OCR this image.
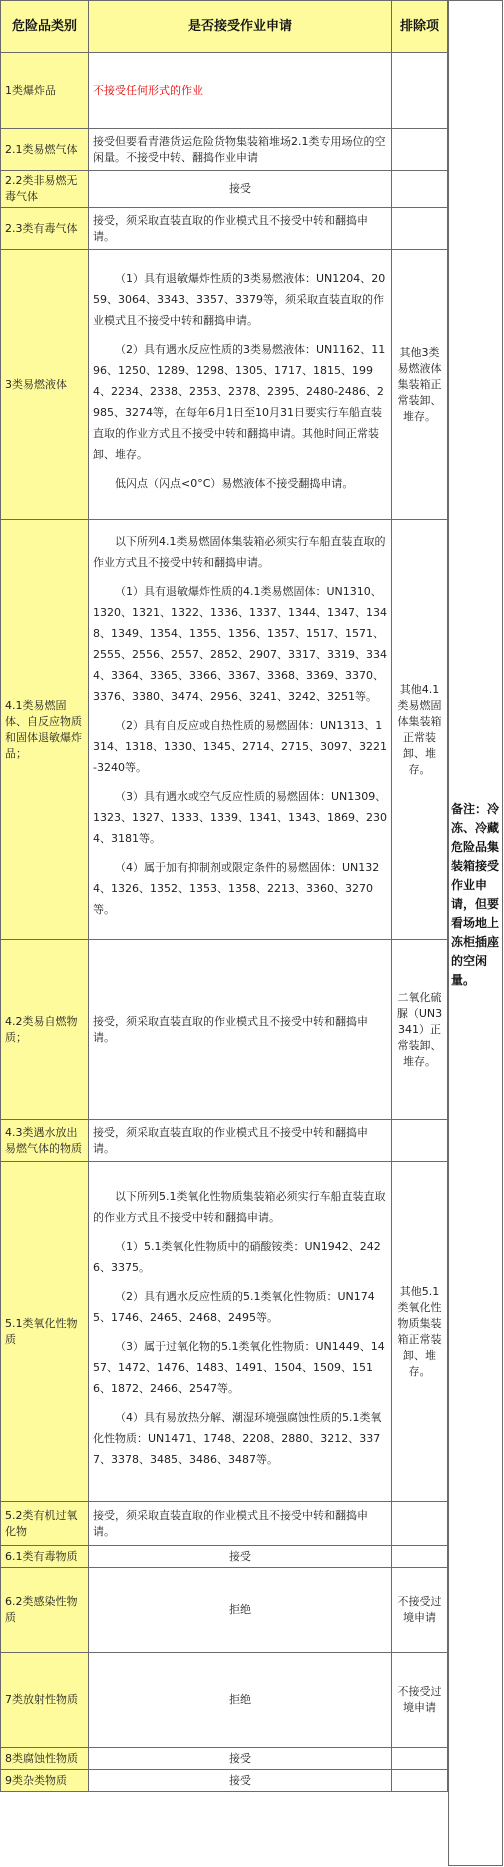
危险品类别	是否接受作业申请	排除项
1类爆炸品	不接受任何形式的作业	
2.1类易燃气体	接受但要看青港货运危险货物集装箱堆场2.1类专用场位的空闲量。不接受中转、翻捣作业申请	
2.2类非易燃无毒气体	接受	
2.3类有毒气体	接受，须采取直装直取的作业模式且不接受中转和翻捣申请。	
3类易燃液体	（1）具有退敏爆炸性质的3类易燃液体：UN1204、2059、3064、3343、3357、3379等，须采取直装直取的作业模式且不接受中转和翻捣申请。

（2）具有遇水反应性质的3类易燃液体：UN1162、1196、1250、1289、1298、1305、1717、1815、1994、2234、2338、2353、2378、2395、2480-2486、2985、3274等，在每年6月1日至10月31日要实行车船直装直取的作业方式且不接受中转和翻捣申请。其他时间正常装卸、堆存。

低闪点（闪点<0°C）易燃液体不接受翻捣申请。	其他3类易燃液体集装箱正常装卸、堆存。
4.1类易燃固体、自反应物质和固体退敏爆炸品；	以下所列4.1类易燃固体集装箱必须实行车船直装直取的作业方式且不接受中转和翻捣申请。

（1）具有退敏爆炸性质的4.1类易燃固体：UN1310、1320、1321、1322、1336、1337、1344、1347、1348、1349、1354、1355、1356、1357、1517、1571、2555、2556、2557、2852、2907、3317、3319、3344、3364、3365、3366、3367、3368、3369、3370、3376、3380、3474、2956、3241、3242、3251等。

（2）具有自反应或自热性质的易燃固体：UN1313、1314、1318、1330、1345、2714、2715、3097、3221-3240等。

（3）具有遇水或空气反应性质的易燃固体：UN1309、1323、1327、1333、1339、1341、1343、1869、2304、3181等。

（4）属于加有抑制剂或限定条件的易燃固体：UN1324、1326、1352、1353、1358、2213、3360、3270等。	其他4.1类易燃固体集装箱正常装卸、堆存。
4.2类易自燃物质；	接受，须采取直装直取的作业模式且不接受中转和翻捣申请。	二氧化硫脲（UN3341）正常装卸、堆存。
4.3类遇水放出易燃气体的物质	接受，须采取直装直取的作业模式且不接受中转和翻捣申请。	
5.1类氧化性物质	以下所列5.1类氧化性物质集装箱必须实行车船直装直取的作业方式且不接受中转和翻捣申请。

（1）5.1类氧化性物质中的硝酸铵类：UN1942、2426、3375。

（2）具有遇水反应性质的5.1类氧化性物质：UN1745、1746、2465、2468、2495等。

（3）属于过氧化物的5.1类氧化性物质：UN1449、1457、1472、1476、1483、1491、1504、1509、1516、1872、2466、2547等。

（4）具有易放热分解、潮湿环境强腐蚀性质的5.1类氧化性物质：UN1471、1748、2208、2880、3212、3377、3378、3485、3486、3487等。	其他5.1类氧化性物质集装箱正常装卸、堆存。
5.2类有机过氧化物	接受，须采取直装直取的作业模式且不接受中转和翻捣申请。	
6.1类有毒物质	接受	
6.2类感染性物质	拒绝	不接受过境申请
7类放射性物质	拒绝	不接受过境申请
8类腐蚀性物质	接受	
9类杂类物质	接受	
备注：冷冻、冷藏危险品集装箱接受作业申请，但要看场地上冻柜插座的空闲量。
